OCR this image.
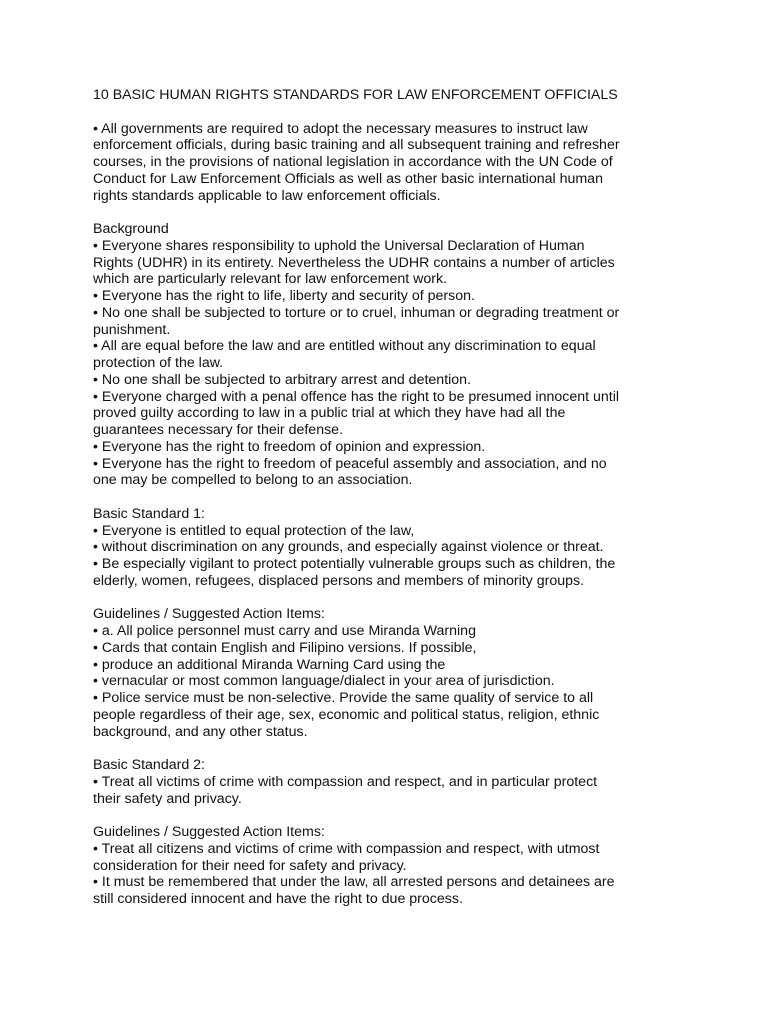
10 BASIC HUMAN RIGHTS STANDARDS FOR LAW ENFORCEMENT OFFICIALS
• All governments are required to adopt the necessary measures to instruct law
enforcement officials, during basic training and all subsequent training and refresher
courses, in the provisions of national legislation in accordance with the UN Code of
Conduct for Law Enforcement Officials as well as other basic international human
rights standards applicable to law enforcement officials.
Background
• Everyone shares responsibility to uphold the Universal Declaration of Human
Rights (UDHR) in its entirety. Nevertheless the UDHR contains a number of articles
which are particularly relevant for law enforcement work.
• Everyone has the right to life, liberty and security of person.
• No one shall be subjected to torture or to cruel, inhuman or degrading treatment or
punishment.
• All are equal before the law and are entitled without any discrimination to equal
protection of the law.
• No one shall be subjected to arbitrary arrest and detention.
• Everyone charged with a penal offence has the right to be presumed innocent until
proved guilty according to law in a public trial at which they have had all the
guarantees necessary for their defense.
• Everyone has the right to freedom of opinion and expression.
• Everyone has the right to freedom of peaceful assembly and association, and no
one may be compelled to belong to an association.
Basic Standard 1:
• Everyone is entitled to equal protection of the law,
• without discrimination on any grounds, and especially against violence or threat.
• Be especially vigilant to protect potentially vulnerable groups such as children, the
elderly, women, refugees, displaced persons and members of minority groups.
Guidelines / Suggested Action Items:
• a. All police personnel must carry and use Miranda Warning
• Cards that contain English and Filipino versions. If possible,
• produce an additional Miranda Warning Card using the
• vernacular or most common language/dialect in your area of jurisdiction.
• Police service must be non-selective. Provide the same quality of service to all
people regardless of their age, sex, economic and political status, religion, ethnic
background, and any other status.
Basic Standard 2:
• Treat all victims of crime with compassion and respect, and in particular protect
their safety and privacy.
Guidelines / Suggested Action Items:
• Treat all citizens and victims of crime with compassion and respect, with utmost
consideration for their need for safety and privacy.
• It must be remembered that under the law, all arrested persons and detainees are
still considered innocent and have the right to due process.
